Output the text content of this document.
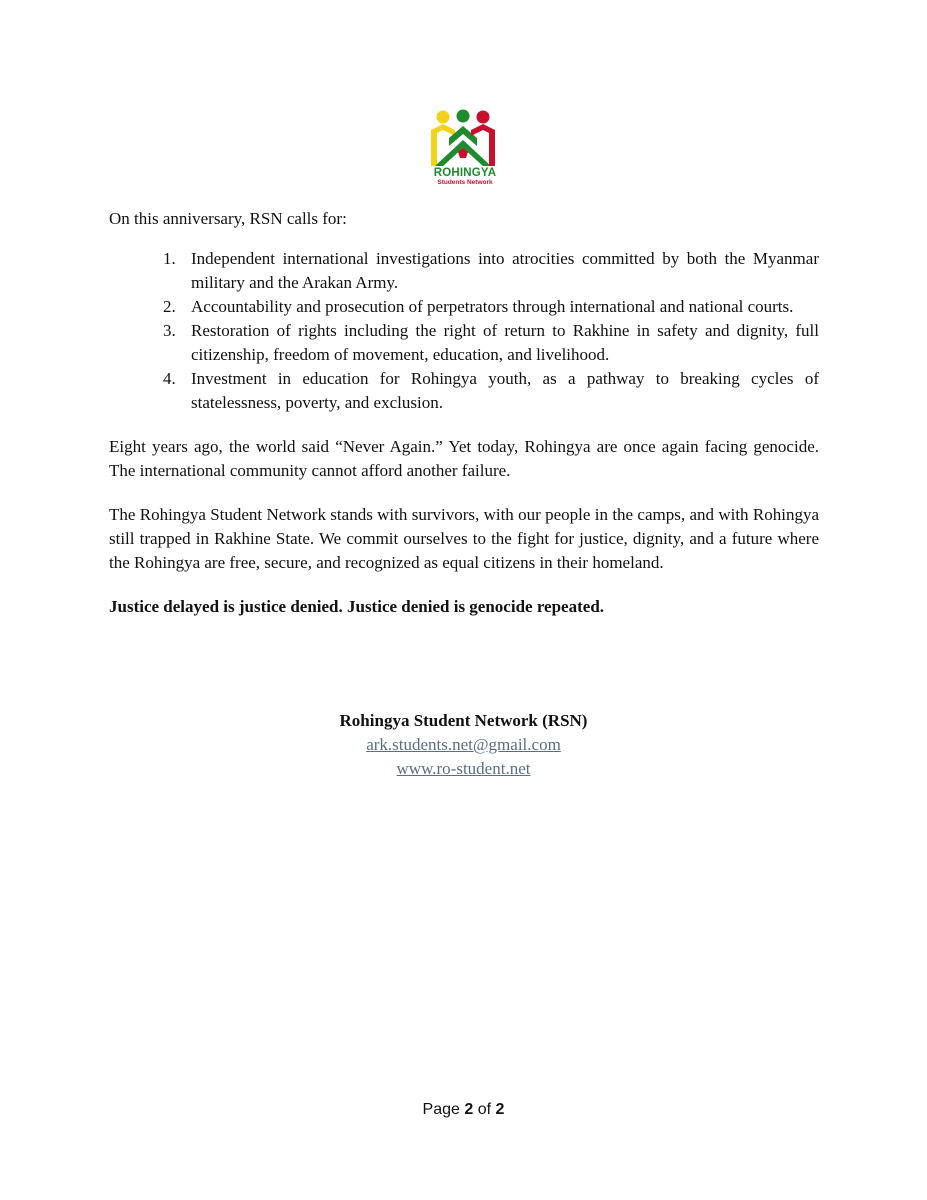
ROHINGYA
Students Network

On this anniversary, RSN calls for:

1. Independent international investigations into atrocities committed by both the Myanmar military and the Arakan Army.
2. Accountability and prosecution of perpetrators through international and national courts.
3. Restoration of rights including the right of return to Rakhine in safety and dignity, full citizenship, freedom of movement, education, and livelihood.
4. Investment in education for Rohingya youth, as a pathway to breaking cycles of statelessness, poverty, and exclusion.

Eight years ago, the world said “Never Again.” Yet today, Rohingya are once again facing genocide. The international community cannot afford another failure.

The Rohingya Student Network stands with survivors, with our people in the camps, and with Rohingya still trapped in Rakhine State. We commit ourselves to the fight for justice, dignity, and a future where the Rohingya are free, secure, and recognized as equal citizens in their homeland.

Justice delayed is justice denied. Justice denied is genocide repeated.

Rohingya Student Network (RSN)
ark.students.net@gmail.com
www.ro-student.net
Page 2 of 2
